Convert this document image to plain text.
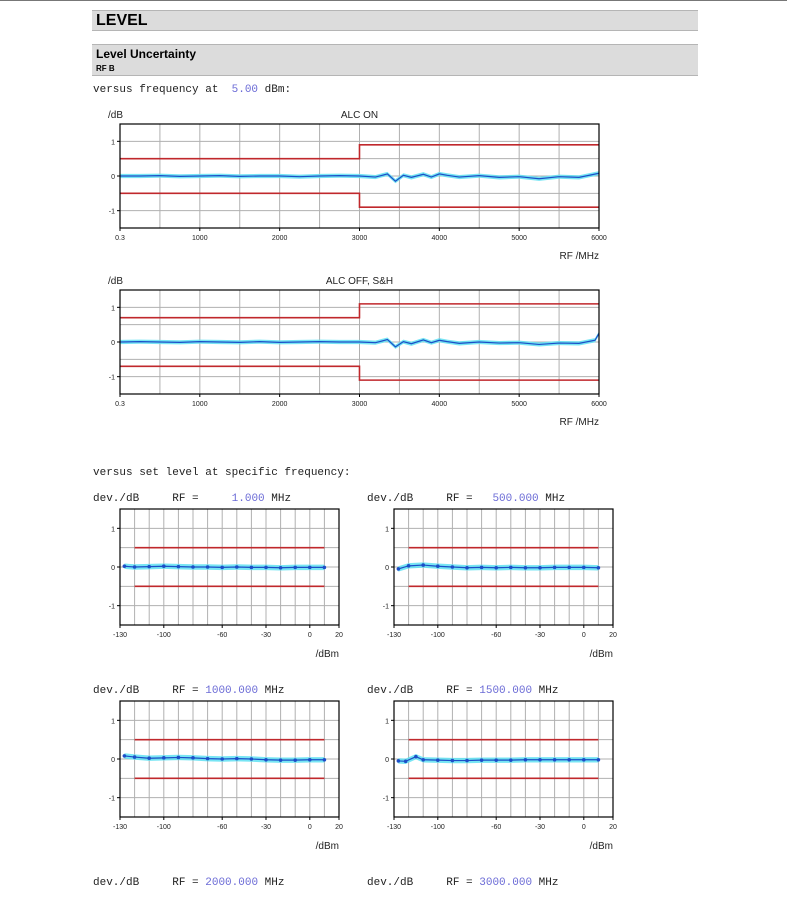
LEVEL
Level Uncertainty
RF B
versus frequency at 5.00 dBm:
1
0
-1
0.3	1000	2000	3000	4000	5000	6000
/dB	ALC ON
RF /MHz
1
0
-1
0.3	1000	2000	3000	4000	5000	6000
/dB	ALC OFF, S&H
RF /MHz
versus set level at specific frequency:
dev./dB	RF =	1.000 MHz	dev./dB	RF = 500.000 MHz
1
0
-1
-130	-100	-60	-30	0	20
/dBm
1
0
-1
-130	-100	-60	-30	0	20
/dBm
dev./dB	RF = 1000.000 MHz	dev./dB	RF = 1500.000 MHz
1
0
-1
-130	-100	-60	-30	0	20
/dBm
1
0
-1
-130	-100	-60	-30	0	20
/dBm
dev./dB	RF = 2000.000 MHz	dev./dB	RF = 3000.000 MHz
